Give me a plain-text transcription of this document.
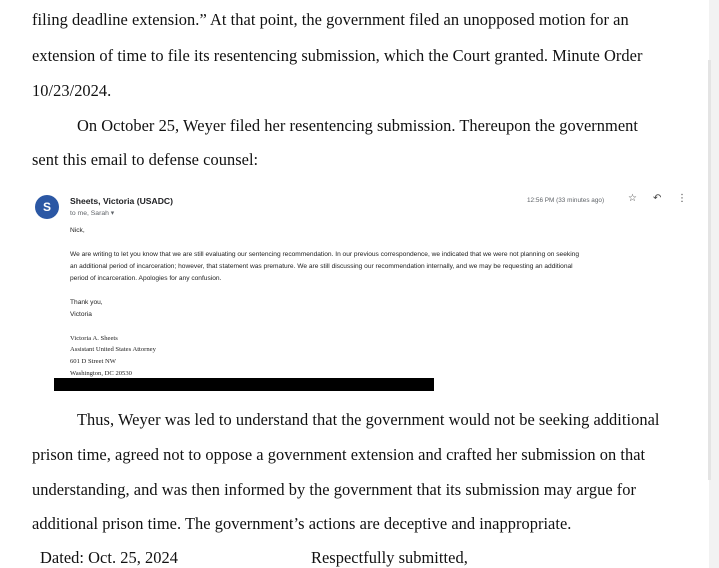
filing deadline extension.” At that point, the government filed an unopposed motion for an

extension of time to file its resentencing submission, which the Court granted. Minute Order

10/23/2024.

On October 25, Weyer filed her resentencing submission. Thereupon the government

sent this email to defense counsel:

S	Sheets, Victoria (USADC)
to me, Sarah ▾
12:56 PM (33 minutes ago) ☆ ↶ ⋮
Nick,
We are writing to let you know that we are still evaluating our sentencing recommendation. In our previous correspondence, we indicated that we were not planning on seeking
an additional period of incarceration; however, that statement was premature. We are still discussing our recommendation internally, and we may be requesting an additional
period of incarceration. Apologies for any confusion.
Thank you,
Victoria
Victoria A. Sheets
Assistant United States Attorney
601 D Street NW
Washington, DC 20530

Thus, Weyer was led to understand that the government would not be seeking additional

prison time, agreed not to oppose a government extension and crafted her submission on that

understanding, and was then informed by the government that its submission may argue for

additional prison time. The government’s actions are deceptive and inappropriate.

Dated: Oct. 25, 2024	Respectfully submitted,
